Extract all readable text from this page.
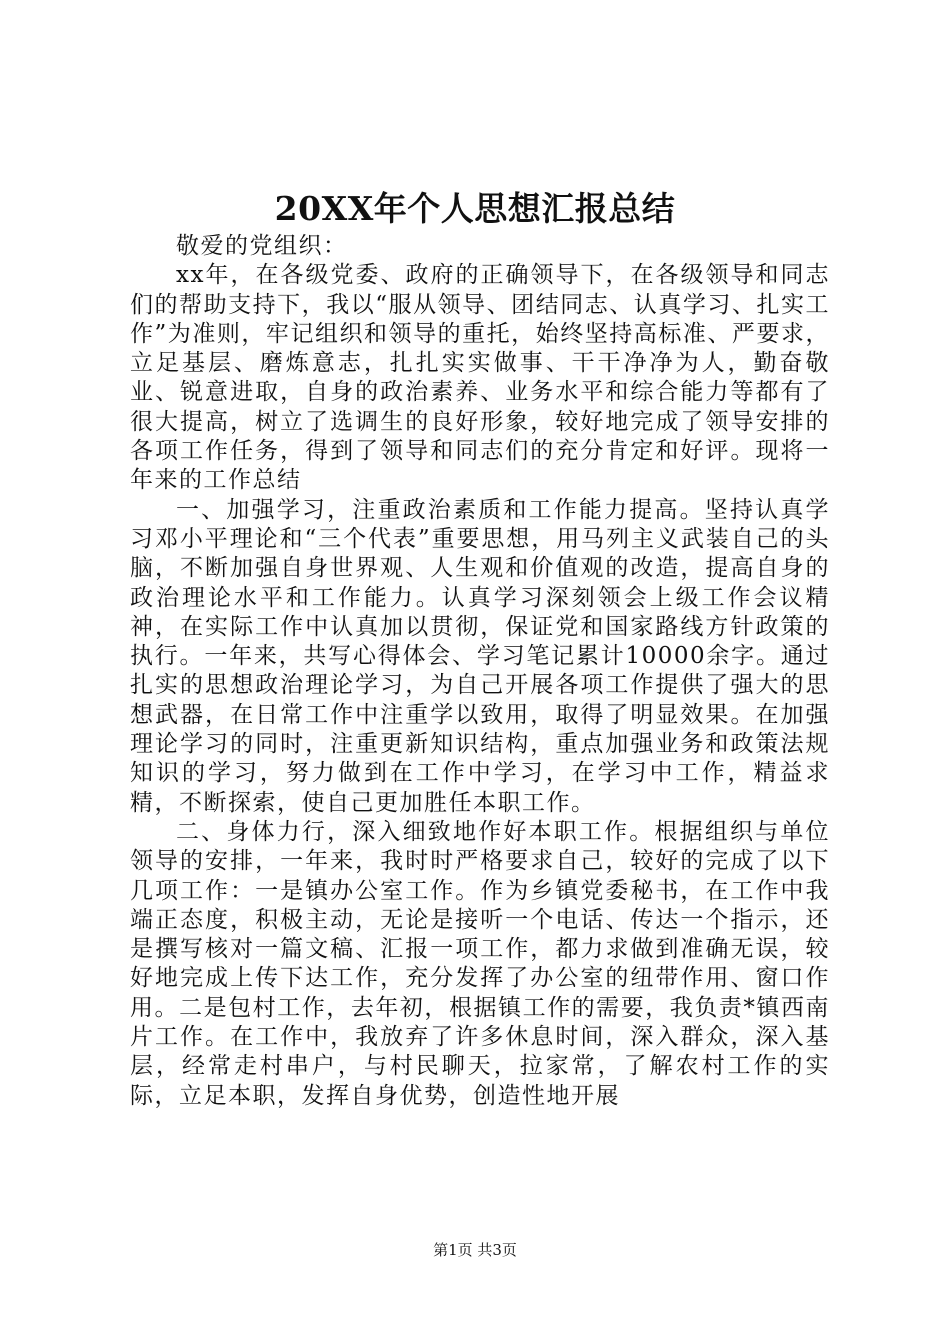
20XX年个人思想汇报总结

敬爱的党组织：

xx年，在各级党委、政府的正确领导下，在各级领导和同志们的帮助支持下，我以“服从领导、团结同志、认真学习、扎实工作”为准则，牢记组织和领导的重托，始终坚持高标准、严要求，立足基层、磨炼意志，扎扎实实做事、干干净净为人，勤奋敬业、锐意进取，自身的政治素养、业务水平和综合能力等都有了很大提高，树立了选调生的良好形象，较好地完成了领导安排的各项工作任务，得到了领导和同志们的充分肯定和好评。现将一年来的工作总结

一、加强学习，注重政治素质和工作能力提高。坚持认真学习邓小平理论和“三个代表”重要思想，用马列主义武装自己的头脑，不断加强自身世界观、人生观和价值观的改造，提高自身的政治理论水平和工作能力。认真学习深刻领会上级工作会议精神，在实际工作中认真加以贯彻，保证党和国家路线方针政策的执行。一年来，共写心得体会、学习笔记累计10000余字。通过扎实的思想政治理论学习，为自己开展各项工作提供了强大的思想武器，在日常工作中注重学以致用，取得了明显效果。在加强理论学习的同时，注重更新知识结构，重点加强业务和政策法规知识的学习，努力做到在工作中学习，在学习中工作，精益求精，不断探索，使自己更加胜任本职工作。

二、身体力行，深入细致地作好本职工作。根据组织与单位领导的安排，一年来，我时时严格要求自己，较好的完成了以下几项工作：一是镇办公室工作。作为乡镇党委秘书，在工作中我端正态度，积极主动，无论是接听一个电话、传达一个指示，还是撰写核对一篇文稿、汇报一项工作，都力求做到准确无误，较好地完成上传下达工作，充分发挥了办公室的纽带作用、窗口作用。二是包村工作，去年初，根据镇工作的需要，我负责*镇西南片工作。在工作中，我放弃了许多休息时间，深入群众，深入基层，经常走村串户，与村民聊天，拉家常，了解农村工作的实际，立足本职，发挥自身优势，创造性地开展

第1页 共3页
